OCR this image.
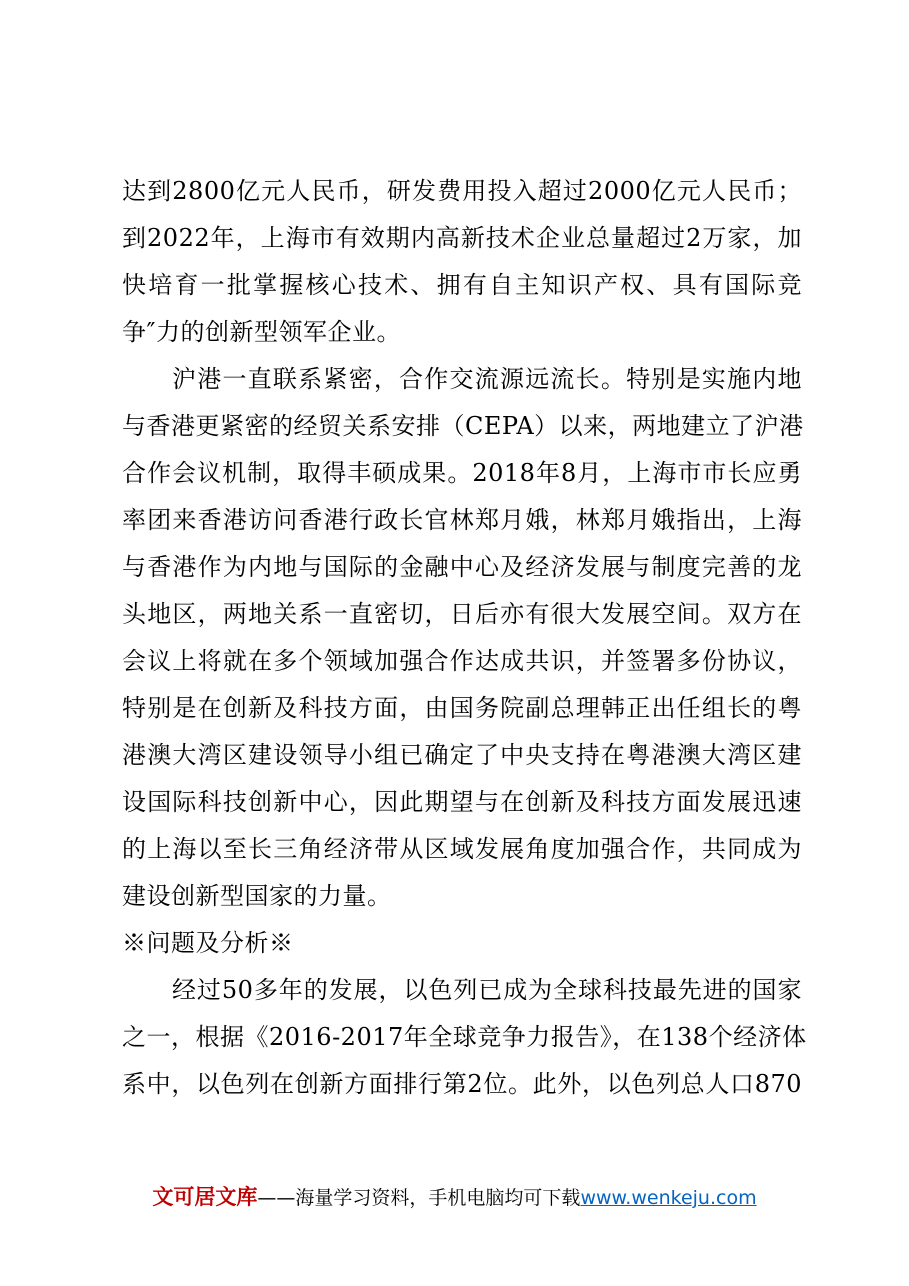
达到2800亿元人民币，研发费用投入超过2000亿元人民币；
到2022年，上海市有效期内高新技术企业总量超过2万家，加
快培育一批掌握核心技术、拥有自主知识产权、具有国际竞
争″力的创新型领军企业。
沪港一直联系紧密，合作交流源远流长。特别是实施内地
与香港更紧密的经贸关系安排（CEPA）以来，两地建立了沪港
合作会议机制，取得丰硕成果。2018年8月，上海市市长应勇
率团来香港访问香港行政长官林郑月娥，林郑月娥指出，上海
与香港作为内地与国际的金融中心及经济发展与制度完善的龙
头地区，两地关系一直密切，日后亦有很大发展空间。双方在
会议上将就在多个领域加强合作达成共识，并签署多份协议，
特别是在创新及科技方面，由国务院副总理韩正出任组长的粤
港澳大湾区建设领导小组已确定了中央支持在粤港澳大湾区建
设国际科技创新中心，因此期望与在创新及科技方面发展迅速
的上海以至长三角经济带从区域发展角度加强合作，共同成为
建设创新型国家的力量。
※问题及分析※
经过50多年的发展，以色列已成为全球科技最先进的国家
之一，根据《2016-2017年全球竞争力报告》，在138个经济体
系中，以色列在创新方面排行第2位。此外，以色列总人口870
文可居文库——海量学习资料，手机电脑均可下载www.wenkeju.com
